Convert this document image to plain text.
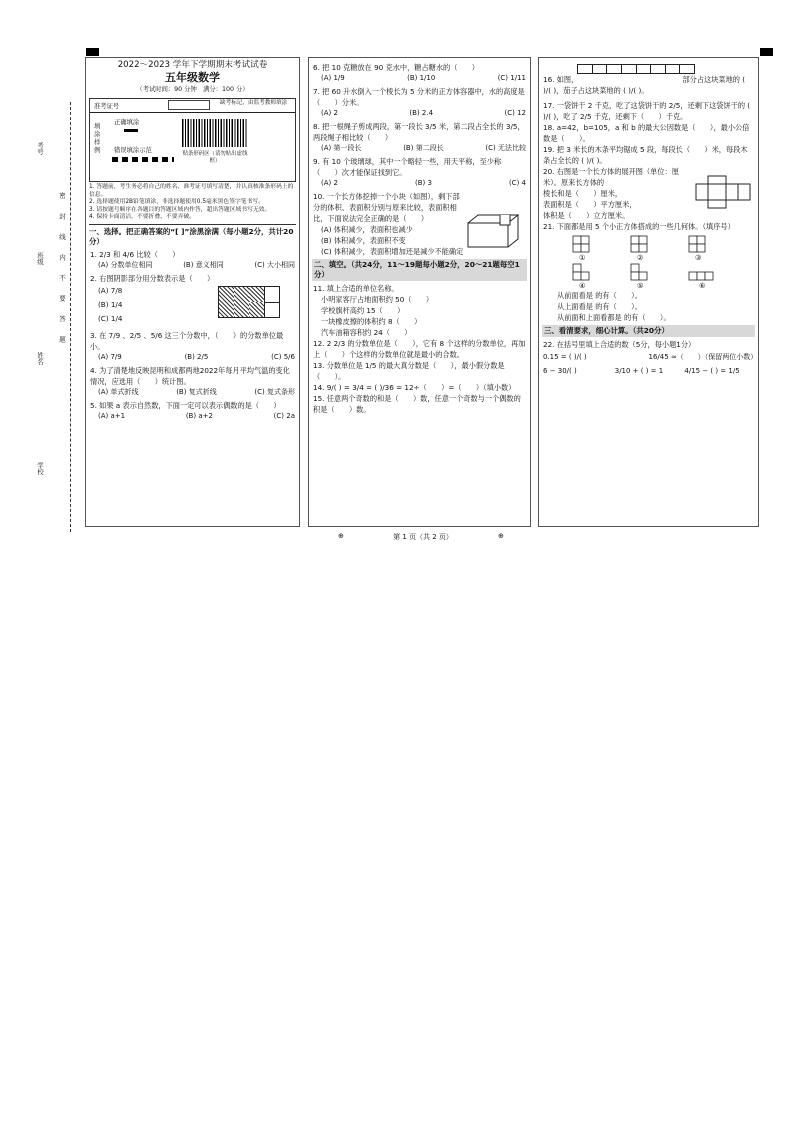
考号
班级
姓名
学校
密 封 线 内 不 要 答 题
2022～2023 学年下学期期末考试试卷
五年级数学
（考试时间：90 分钟　满分：100 分）
准考证号	缺考标记，由监考教师填涂
填涂样例
正确填涂
错误填涂示范	贴条形码区（请勿贴出虚线框）
1. 答题前，考生务必将自己的姓名、准考证号填写清楚，并认真核准条形码上的信息。
2. 选择题使用2B铅笔填涂，非选择题使用0.5毫米黑色签字笔书写。
3. 请按题号顺序在各题目的答题区域内作答，超出答题区域书写无效。
4. 保持卡面清洁，不要折叠、不要弄破。
一、选择。把正确答案的“[ ]”涂黑涂满（每小题2分，共计20分）
1. 2/3 和 4/6 比较（　　）
(A) 分数单位相同	(B) 意义相同	(C) 大小相同
2. 右图阴影部分用分数表示是（　　）
(A) 7/8
(B) 1/4
(C) 1/4
3. 在 7/9 、2/5 、5/6 这三个分数中，（　　）的分数单位最小。
(A) 7/9	(B) 2/5	(C) 5/6
4. 为了清楚地反映昆明和成都两地2022年每月平均气温的变化情况，应选用（　　）统计图。
(A) 单式折线	(B) 复式折线	(C) 复式条形
5. 如果 a 表示自然数，下面一定可以表示偶数的是（　　）
(A) a+1	(B) a+2	(C) 2a
6. 把 10 克糖放在 90 克水中，糖占糖水的（　　）
(A) 1/9	(B) 1/10	(C) 1/11
7. 把 60 升水倒入一个棱长为 5 分米的正方体容器中，水的高度是（　　）分米。
(A) 2	(B) 2.4	(C) 12
8. 把一根绳子剪成两段，第一段长 3/5 米，第二段占全长的 3/5，两段绳子相比较（　　）
(A) 第一段长	(B) 第二段长	(C) 无法比较
9. 有 10 个玻璃球，其中一个略轻一些，用天平称，至少称（　　）次才能保证找到它。
(A) 2	(B) 3	(C) 4
10. 一个长方体挖掉一个小块（如图），剩下部分的体积、表面积分别与原来比较，表面积相比，下面说法完全正确的是（　　）
(A) 体积减少，表面积也减少
(B) 体积减少，表面积不变
(C) 体积减少，表面积增加还是减少不能确定
二、填空。（共24分，11～19题每小题2分，20～21题每空1分）
11. 填上合适的单位名称。
小明家客厅占地面积约 50（　　）
学校旗杆高约 15（　　）
一块橡皮擦的体积约 8（　　）
汽车油箱容积约 24（　　）
12. 2 2/3 的分数单位是（　　），它有 8 个这样的分数单位，再加上（　　）个这样的分数单位就是最小的合数。
13. 分数单位是 1/5 的最大真分数是（　　），最小假分数是（　　）。
14. 9/( ) = 3/4 = ( )/36 = 12÷（　　）=（　　）（填小数）
15. 任意两个奇数的和是（　　）数，任意一个奇数与一个偶数的积是（　　）数。
16. 如图，　　　　　　　　　　　　　　　部分占这块菜地的 ( )/( )，茄子占这块菜地的 ( )/( )。
17. 一袋饼干 2 千克，吃了这袋饼干的 2/5，还剩下这袋饼干的 ( )/( )，吃了 2/5 千克，还剩下（　　）千克。
18. a=42，b=105，a 和 b 的最大公因数是（　　），最小公倍数是（　　）。
19. 把 3 米长的木条平均锯成 5 段，每段长（　　）米，每段木条占全长的 ( )/( )。
20. 右图是一个长方体的展开图（单位：厘米）。原来长方体的
棱长和是（　　）厘米，
表面积是（　　）平方厘米，
体积是（　　）立方厘米。
21. 下面都是用 5 个小正方体搭成的一些几何体。（填序号）
①	②	③
④	⑤	⑥
从前面看是 的有（　　）。
从上面看是 的有（　　）。
从前面和上面看都是 的有（　　）。
三、看清要求，细心计算。（共20分）
22. 在括号里填上合适的数（5分，每小题1分）
0.15 = ( )/( )	16/45 ≈（　　）（保留两位小数）
6 − 30/( )	3/10 + ( ) = 1	4/15 − ( ) = 1/5
⊕	第 1 页（共 2 页）	⊕
